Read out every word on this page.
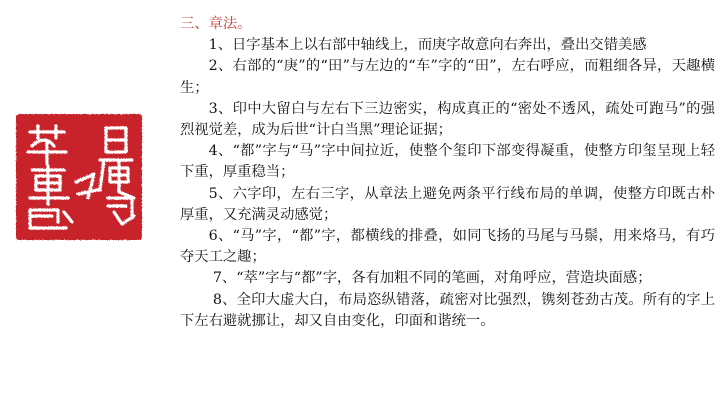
三、章法。

1、日字基本上以右部中轴线上，而庚字故意向右奔出，叠出交错美感

2、右部的“庚”的“田”与左边的“车”字的“田”，左右呼应，而粗细各异，天趣横生；

3、印中大留白与左右下三边密实，构成真正的“密处不透风，疏处可跑马”的强烈视觉差，成为后世“计白当黑”理论证据；

4、“都”字与“马”字中间拉近，使整个玺印下部变得凝重，使整方印玺呈现上轻下重，厚重稳当；

5、六字印，左右三字，从章法上避免两条平行线布局的单调，使整方印既古朴厚重，又充满灵动感觉；

6、“马”字，“都”字，都横线的排叠，如同飞扬的马尾与马鬃，用来烙马，有巧夺天工之趣；

7、“萃”字与“都”字，各有加粗不同的笔画，对角呼应，营造块面感；

8、全印大虚大白，布局恣纵错落，疏密对比强烈，镌刻苍劲古茂。所有的字上下左右避就挪让，却又自由变化，印面和谐统一。
